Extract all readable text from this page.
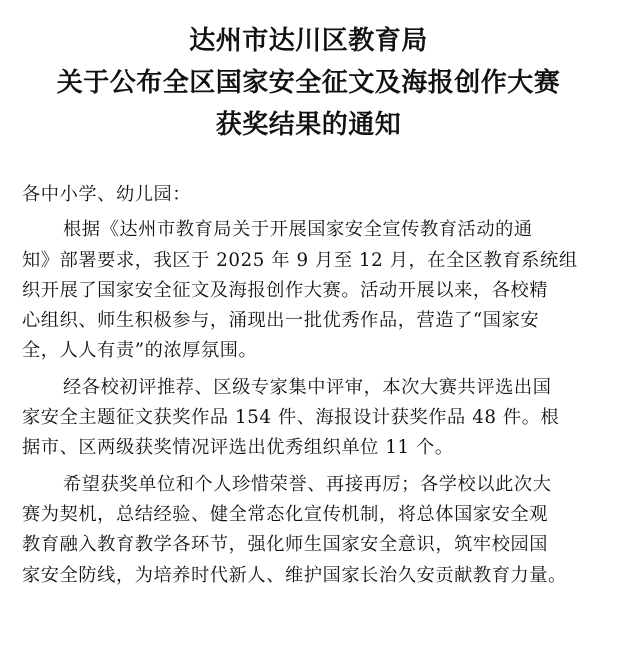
达州市达川区教育局
关于公布全区国家安全征文及海报创作大赛
获奖结果的通知
各中小学、幼儿园：
根据《达州市教育局关于开展国家安全宣传教育活动的通
知》部署要求，我区于 2025 年 9 月至 12 月，在全区教育系统组
织开展了国家安全征文及海报创作大赛。活动开展以来，各校精
心组织、师生积极参与，涌现出一批优秀作品，营造了“国家安
全，人人有责”的浓厚氛围。
经各校初评推荐、区级专家集中评审，本次大赛共评选出国
家安全主题征文获奖作品 154 件、海报设计获奖作品 48 件。根
据市、区两级获奖情况评选出优秀组织单位 11 个。
希望获奖单位和个人珍惜荣誉、再接再厉；各学校以此次大
赛为契机，总结经验、健全常态化宣传机制，将总体国家安全观
教育融入教育教学各环节，强化师生国家安全意识，筑牢校园国
家安全防线，为培养时代新人、维护国家长治久安贡献教育力量。
